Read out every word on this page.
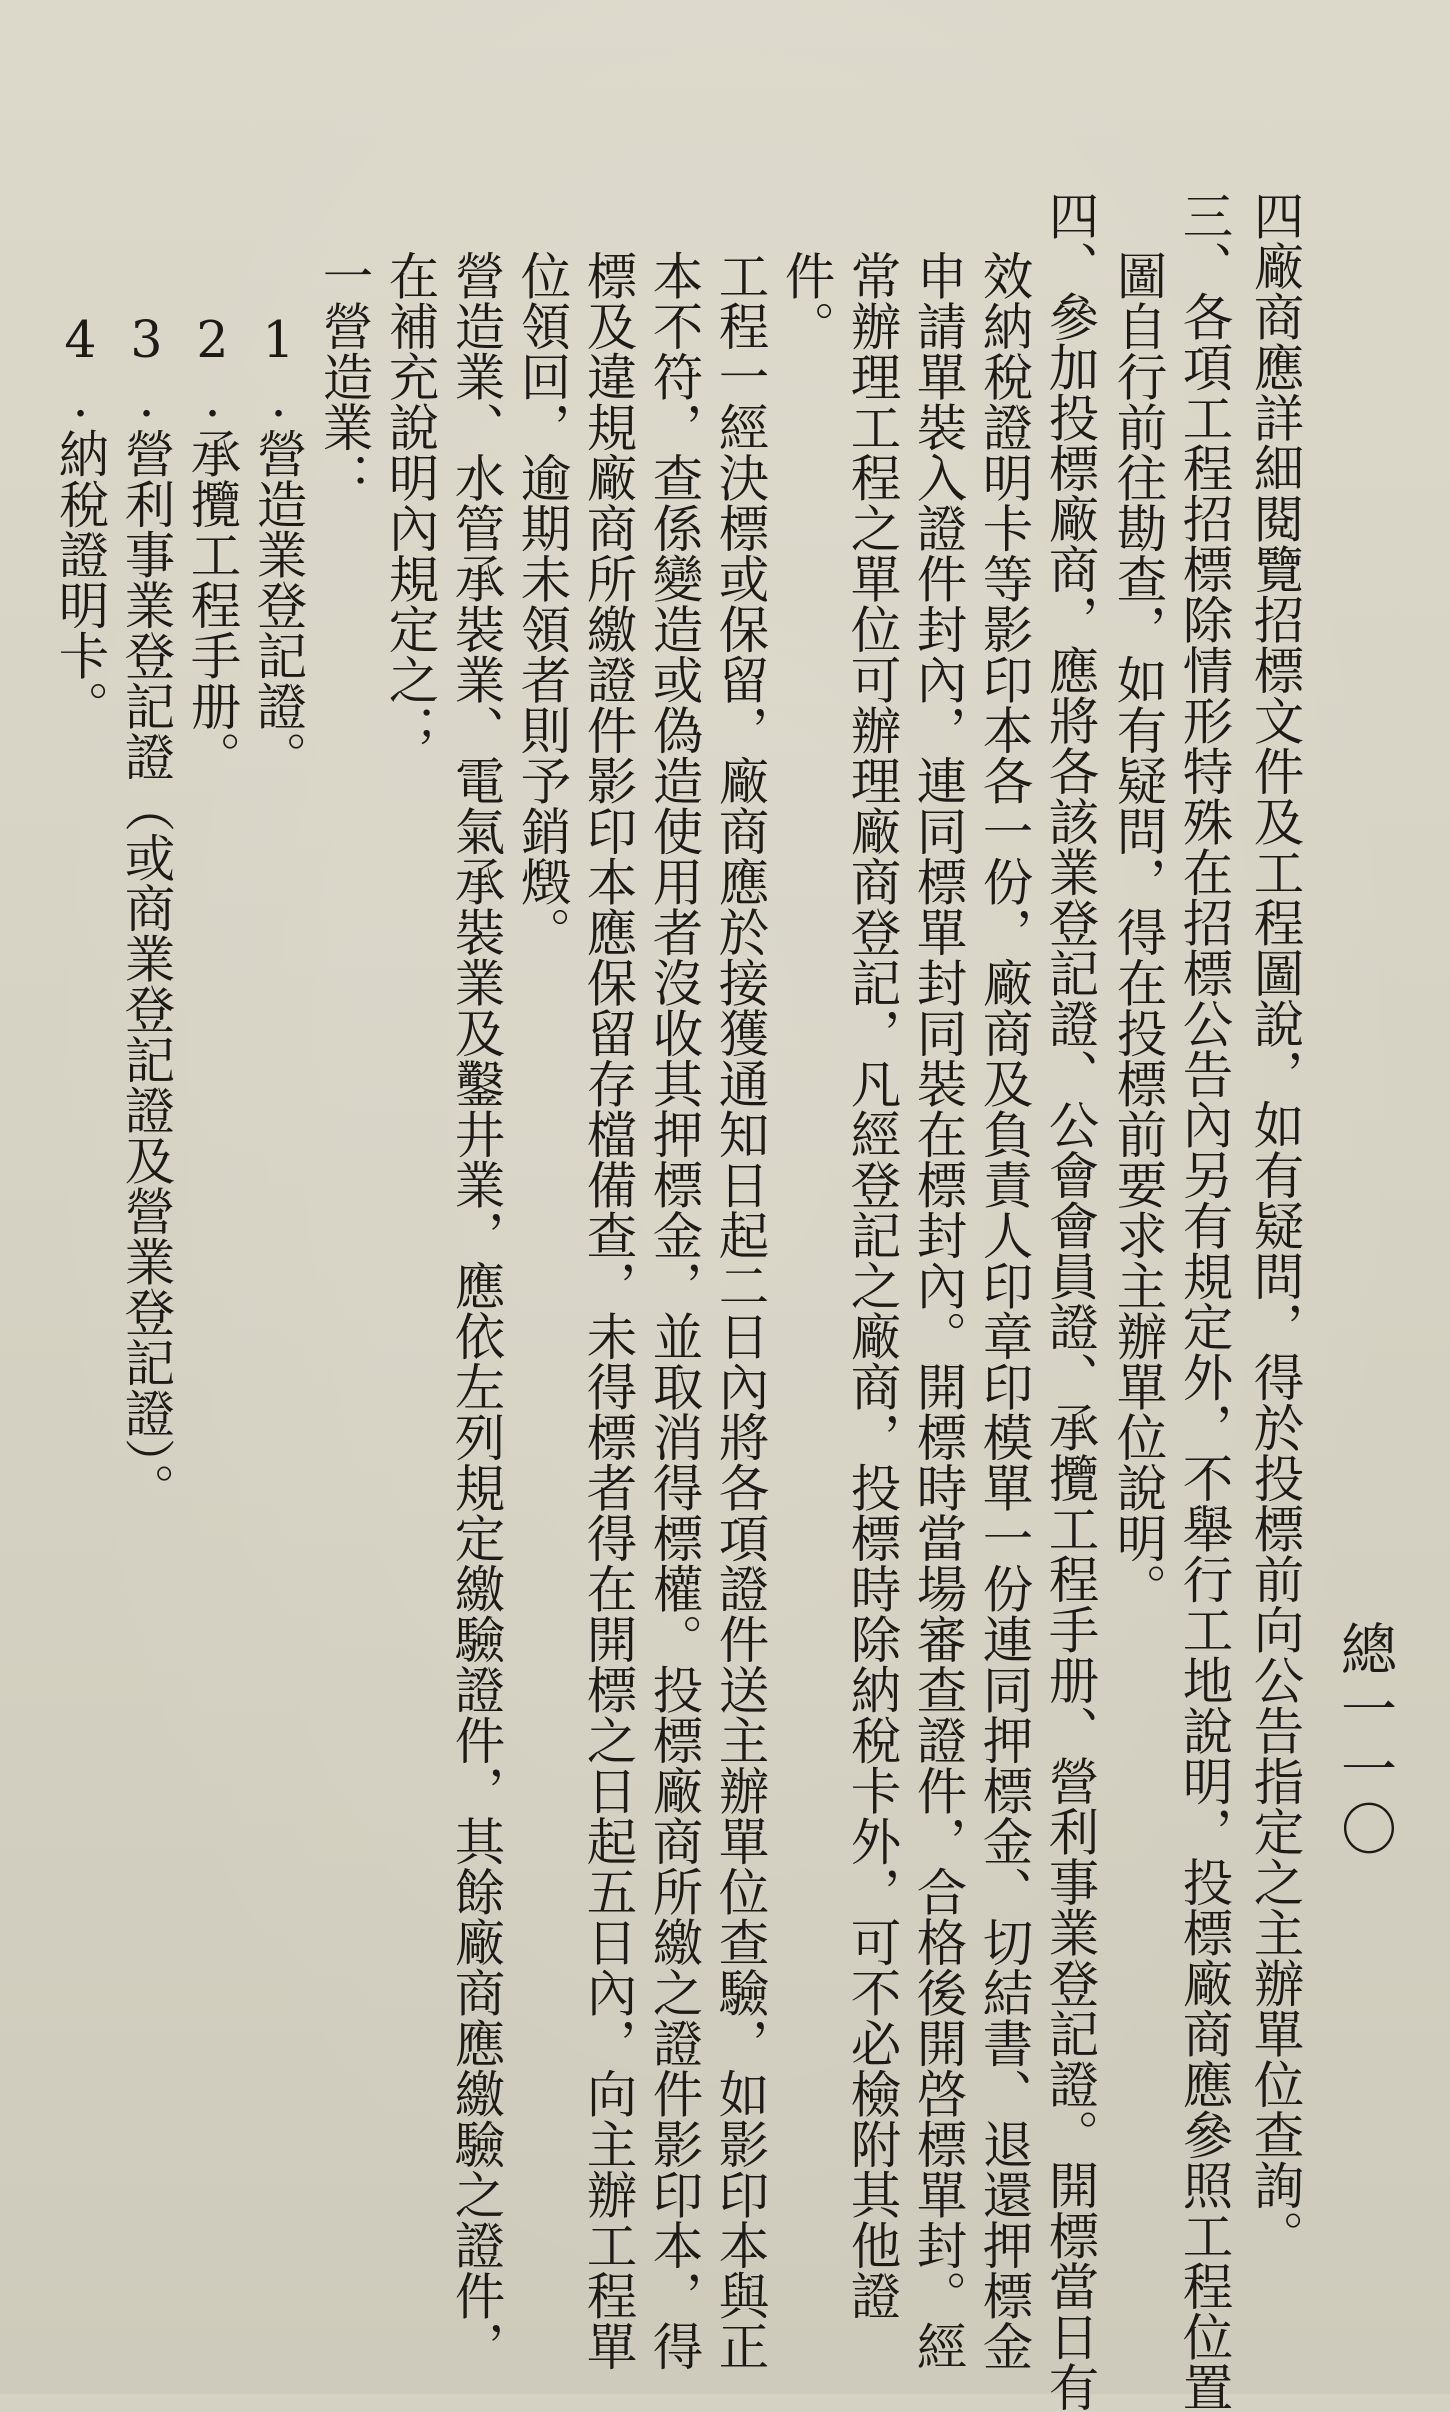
總一一〇
四廠商應詳細閱覽招標文件及工程圖說，如有疑問，得於投標前向公告指定之主辦單位查詢。
三、各項工程招標除情形特殊在招標公告內另有規定外，不舉行工地說明，投標廠商應參照工程位置
圖自行前往勘查，如有疑問，得在投標前要求主辦單位說明。
四、參加投標廠商，應將各該業登記證、公會會員證、承攬工程手册、營利事業登記證。開標當日有
效納稅證明卡等影印本各一份，廠商及負責人印章印模單一份連同押標金、切結書、退還押標金
申請單裝入證件封內，連同標單封同裝在標封內。開標時當場審查證件，合格後開啓標單封。經
常辦理工程之單位可辦理廠商登記，凡經登記之廠商，投標時除納稅卡外，可不必檢附其他證
件。
工程一經決標或保留，廠商應於接獲通知日起二日內將各項證件送主辦單位查驗，如影印本與正
本不符，查係變造或偽造使用者沒收其押標金，並取消得標權。投標廠商所繳之證件影印本，得
標及違規廠商所繳證件影印本應保留存檔備查，未得標者得在開標之日起五日內，向主辦工程單
位領回，逾期未領者則予銷燬。
營造業、水管承裝業、電氣承裝業及鑿井業，應依左列規定繳驗證件，其餘廠商應繳驗之證件，
在補充說明內規定之；
一營造業：
1.營造業登記證。
2.承攬工程手册。
3.營利事業登記證（或商業登記證及營業登記證）。
4.納稅證明卡。
